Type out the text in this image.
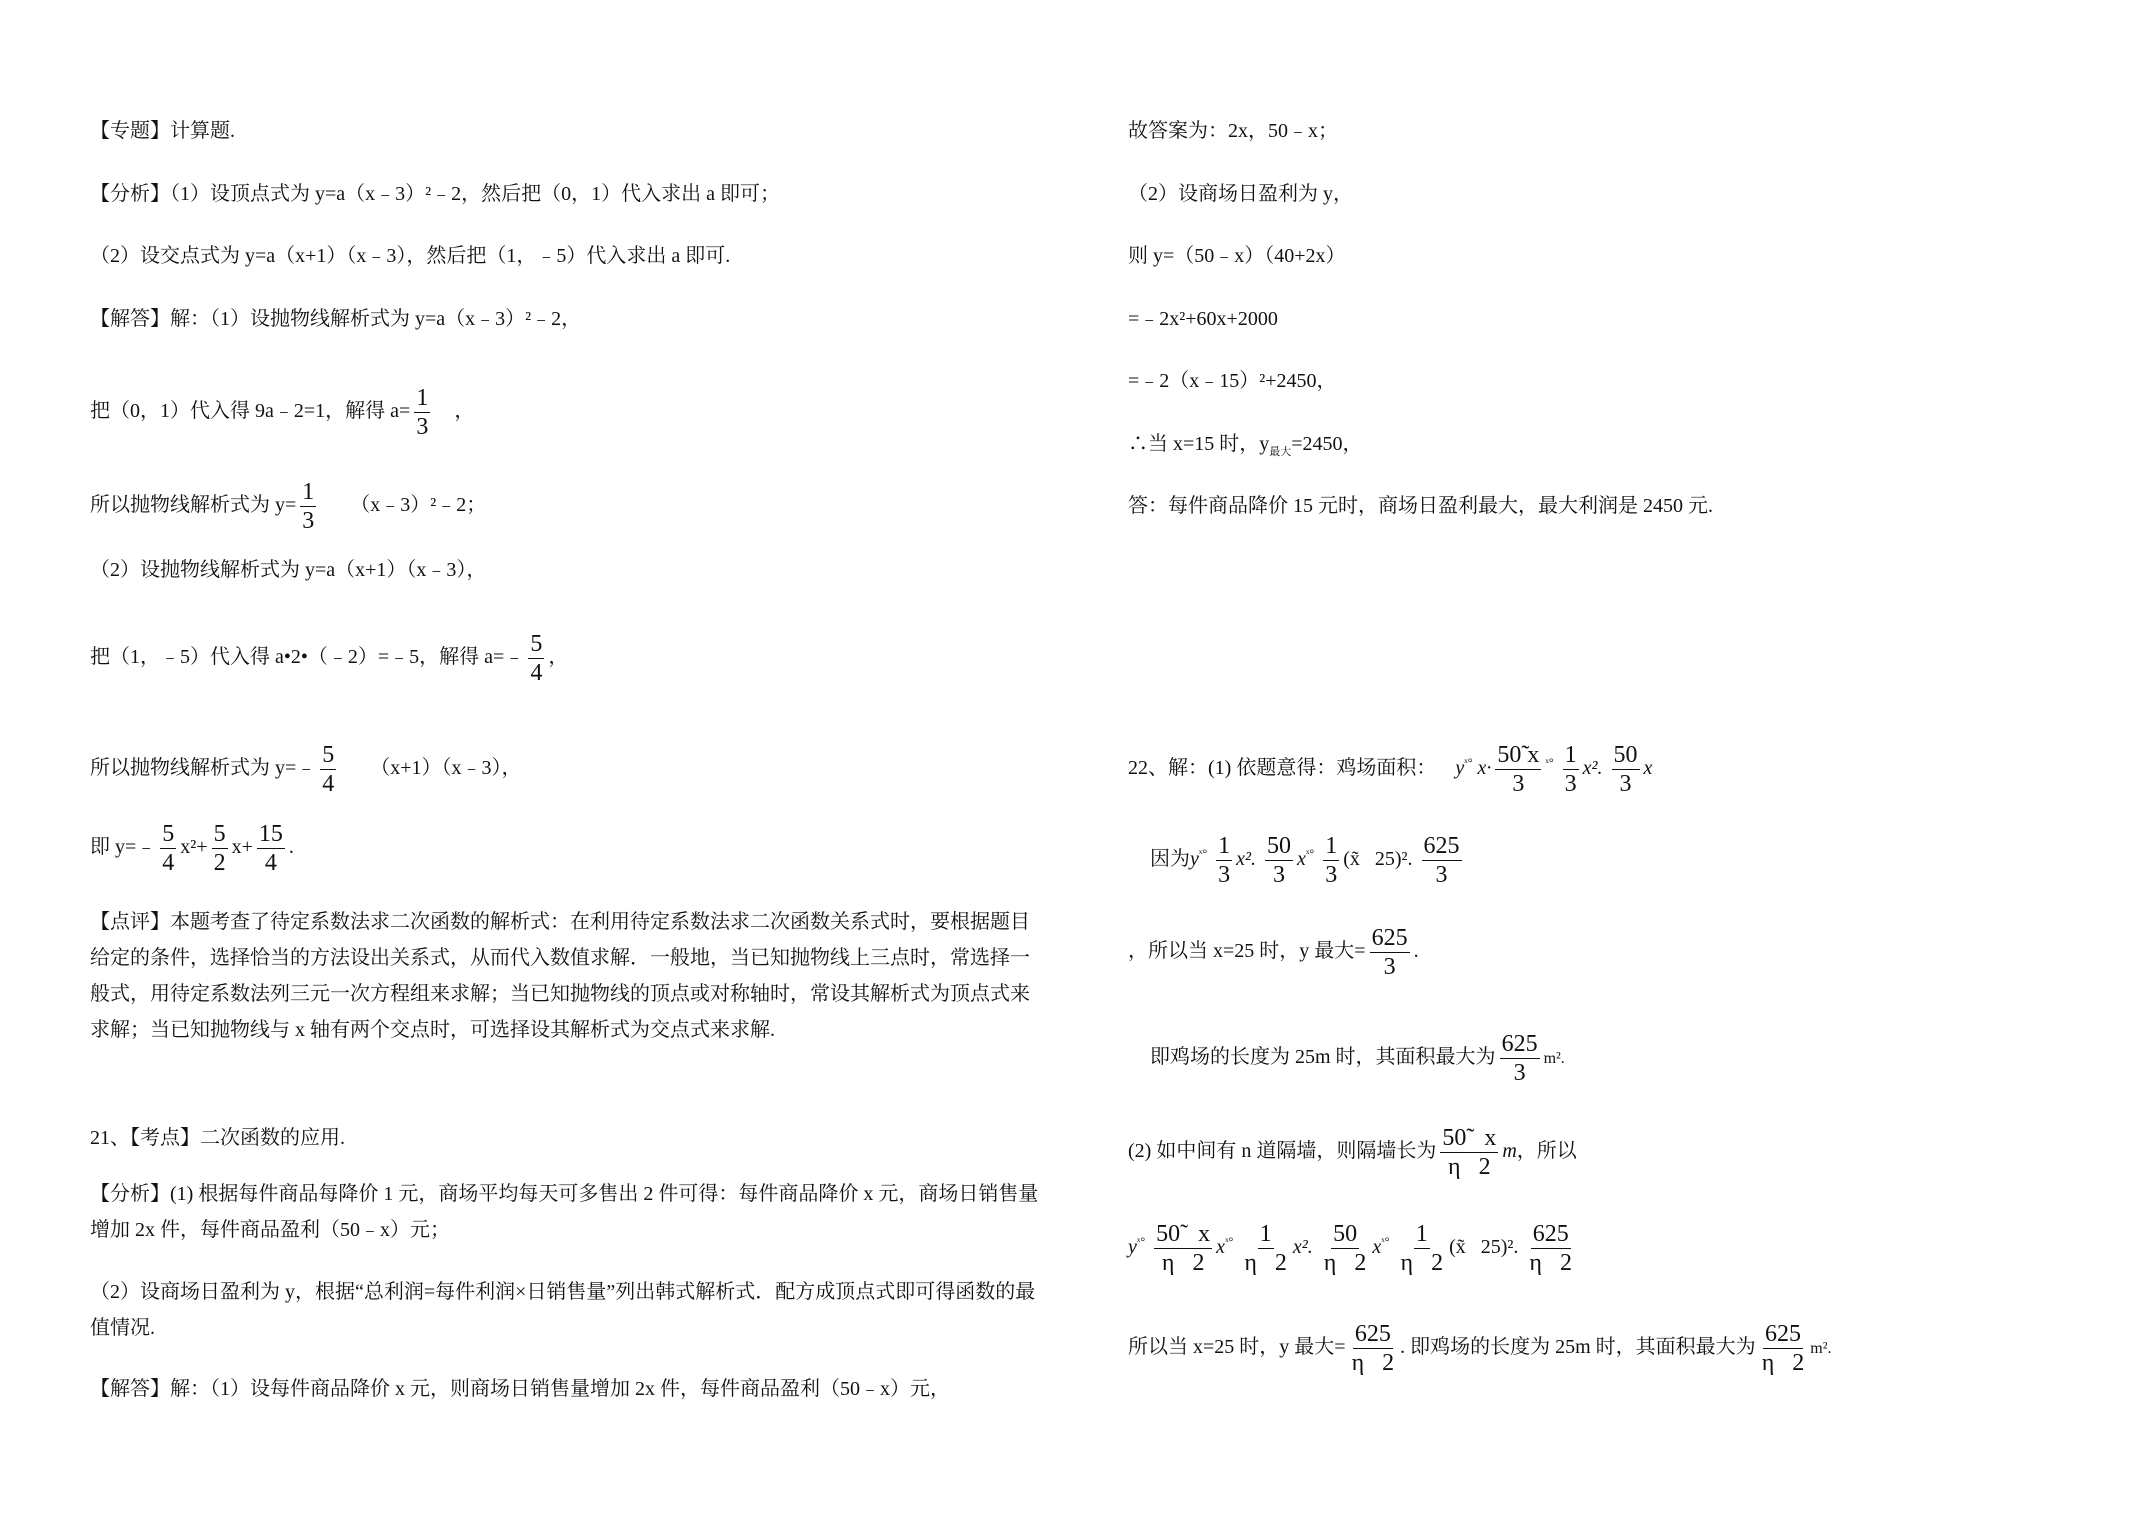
【专题】计算题.
【分析】（1）设顶点式为 y=a（x﹣3）²﹣2，然后把（0，1）代入求出 a 即可；
（2）设交点式为 y=a（x+1）（x﹣3），然后把（1，﹣5）代入求出 a 即可.
【解答】解：（1）设抛物线解析式为 y=a（x﹣3）²﹣2，
把（0，1）代入得 9a﹣2=1，解得 $a= \frac{1}{3}$ ，
所以抛物线解析式为 $y= \frac{1}{3}$ （x﹣3）²﹣2；
（2）设抛物线解析式为 y=a（x+1）（x﹣3），
把（1，﹣5）代入得 a•2•（﹣2）=﹣5，解得 a=﹣ $\frac{5}{4}$ ，
所以抛物线解析式为 y=﹣ $\frac{5}{4}$ （x+1）（x﹣3），
即 y=﹣ $\frac{5}{4} x^2+ \frac{5}{2} x+ \frac{15}{4}$ .
【点评】本题考查了待定系数法求二次函数的解析式：在利用待定系数法求二次函数关系式时，要根据题目给定的条件，选择恰当的方法设出关系式，从而代入数值求解．一般地，当已知抛物线上三点时，常选择一般式，用待定系数法列三元一次方程组来求解；当已知抛物线的顶点或对称轴时，常设其解析式为顶点式来求解；当已知抛物线与 x 轴有两个交点时，可选择设其解析式为交点式来求解.
21、【考点】二次函数的应用.
【分析】(1) 根据每件商品每降价 1 元，商场平均每天可多售出 2 件可得：每件商品降价 x 元，商场日销售量增加 2x 件，每件商品盈利（50﹣x）元；
（2）设商场日盈利为 y，根据“总利润=每件利润×日销售量”列出韩式解析式．配方成顶点式即可得函数的最值情况.
【解答】解：（1）设每件商品降价 x 元，则商场日销售量增加 2x 件，每件商品盈利（50﹣x）元，
故答案为：2x，50﹣x；
（2）设商场日盈利为 y，
则 y=（50﹣x）（40+2x）
=﹣2x²+60x+2000
=﹣2（x﹣15）²+2450，
∴当 x=15 时，$y_{最大}=2450$，
答：每件商品降价 15 元时，商场日盈利最大，最大利润是 2450 元.
22、解：(1) 依题意得：鸡场面积： $y^{ˣ^\circ}$ $x\cdot \frac{50̃ x}{3} ^{ˣ^\circ} \frac{1}{3} x^2$. $\frac{50}{3}$ x
因为$y^{ˣ^\circ} \frac{1}{3} x^2$. $\frac{50}{3} x^{ˣ^\circ} \frac{1}{3}$ (x̃   25)². $\frac{625}{3}$
，所以当 x=25 时，y 最大= $\frac{625}{3}$ .
即鸡场的长度为 25m 时，其面积最大为 $\frac{625}{3} m^2$.
(2) 如中间有 n 道隔墙，则隔墙长为 $\frac{50̃ x}{\eta 2}$ m，所以
$y^{ˣ^\circ} \frac{50̃ x}{\eta 2} x^{ˣ^\circ} \frac{1}{\eta 2} x^2$. $\frac{50}{\eta 2} x^{ˣ^\circ} \frac{1}{\eta 2}$ (x̃   25)². $\frac{625}{\eta 2}$
所以当 x=25 时，y 最大= $\frac{625}{\eta 2}$ . 即鸡场的长度为 25m 时，其面积最大为 $\frac{625}{\eta 2} m^2$.
